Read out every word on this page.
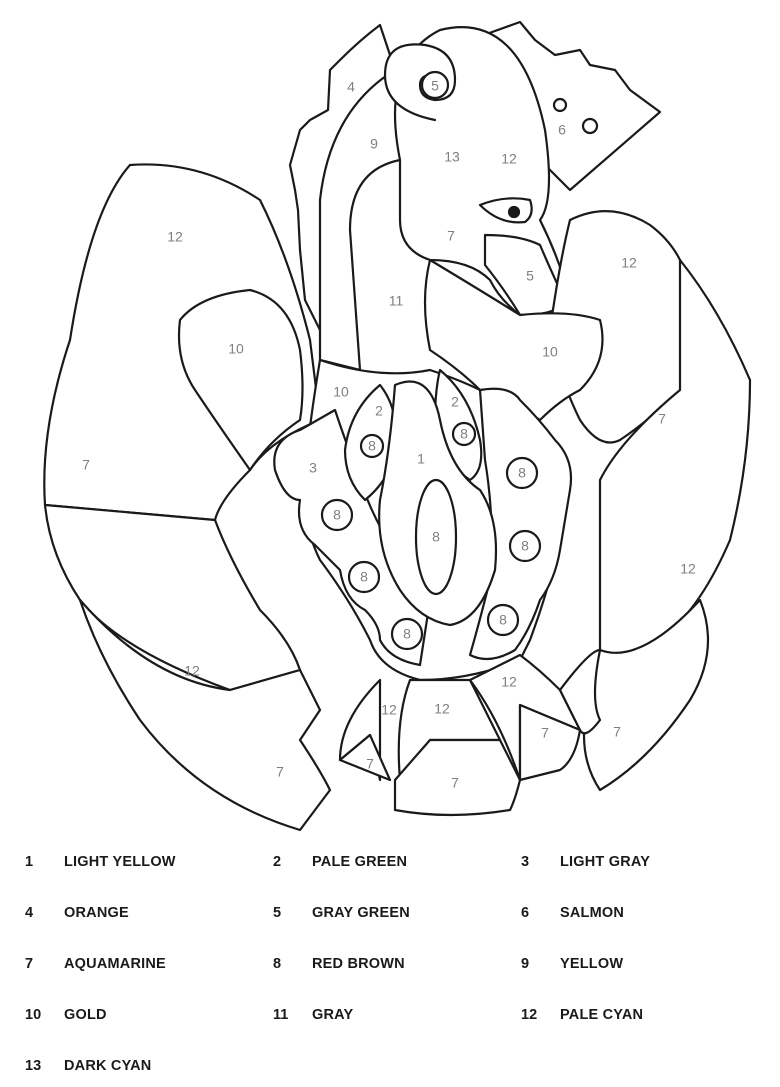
4	5
6
9
13	12
7
12
5
12
10
11
10
10
7
7
2
2
8
8
1
3	8
8
8
8
8
8
8
12
12
12
12	12
7	7
7
7
7
1 LIGHT YELLOW	2 PALE GREEN	3 LIGHT GRAY
4 ORANGE	5 GRAY GREEN	6 SALMON
7 AQUAMARINE	8 RED BROWN	9 YELLOW
10 GOLD	11 GRAY	12 PALE CYAN
13 DARK CYAN
